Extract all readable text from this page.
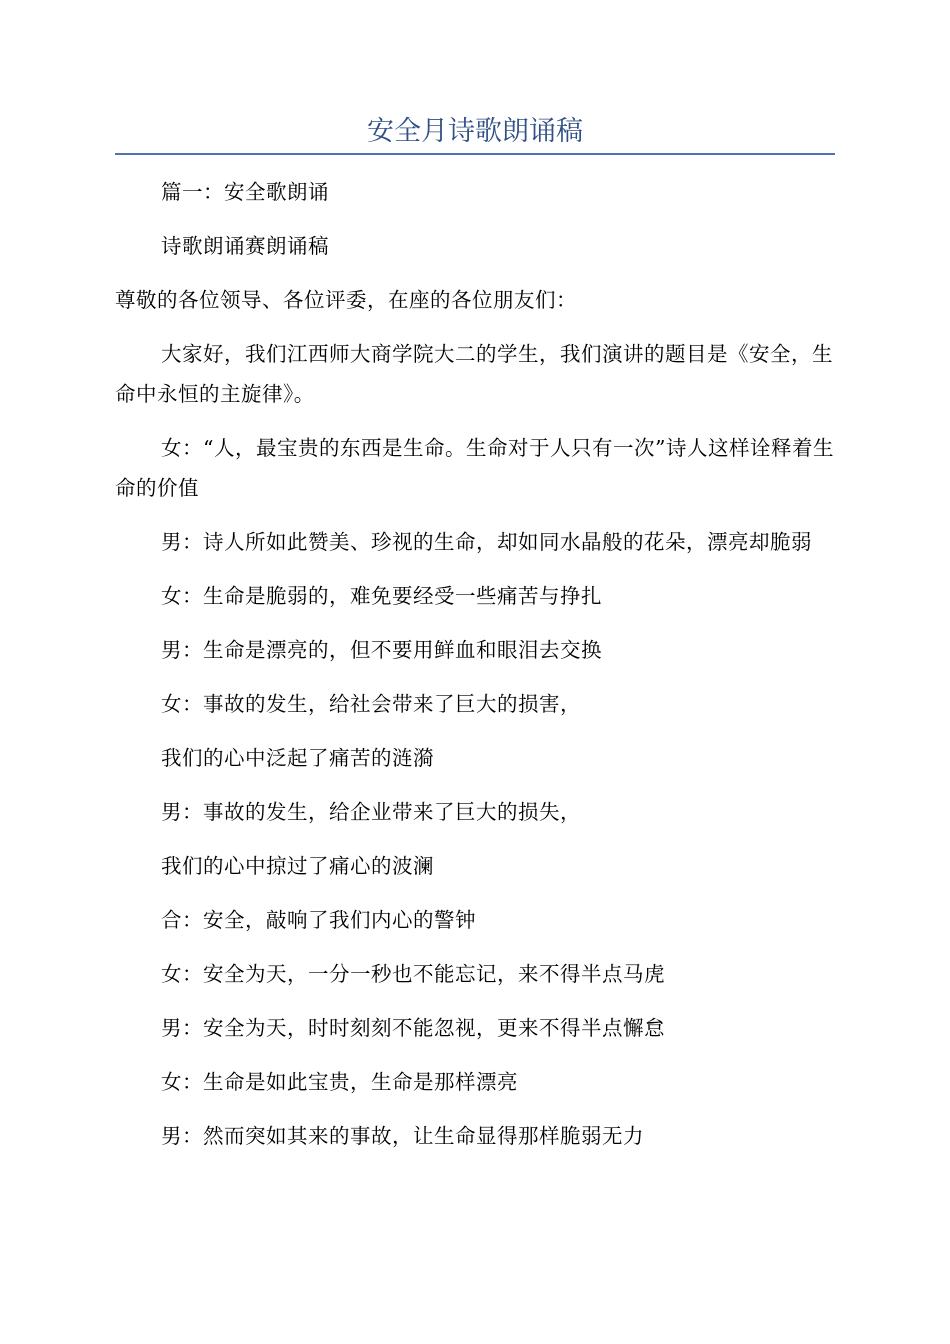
安全月诗歌朗诵稿

篇一：安全歌朗诵

诗歌朗诵赛朗诵稿

尊敬的各位领导、各位评委，在座的各位朋友们：

大家好，我们江西师大商学院大二的学生，我们演讲的题目是《安全，生命中永恒的主旋律》。

女：“人，最宝贵的东西是生命。生命对于人只有一次”诗人这样诠释着生命的价值

男：诗人所如此赞美、珍视的生命，却如同水晶般的花朵，漂亮却脆弱

女：生命是脆弱的，难免要经受一些痛苦与挣扎

男：生命是漂亮的，但不要用鲜血和眼泪去交换

女：事故的发生，给社会带来了巨大的损害，

我们的心中泛起了痛苦的涟漪

男：事故的发生，给企业带来了巨大的损失，

我们的心中掠过了痛心的波澜

合：安全，敲响了我们内心的警钟

女：安全为天，一分一秒也不能忘记，来不得半点马虎

男：安全为天，时时刻刻不能忽视，更来不得半点懈怠

女：生命是如此宝贵，生命是那样漂亮

男：然而突如其来的事故，让生命显得那样脆弱无力
